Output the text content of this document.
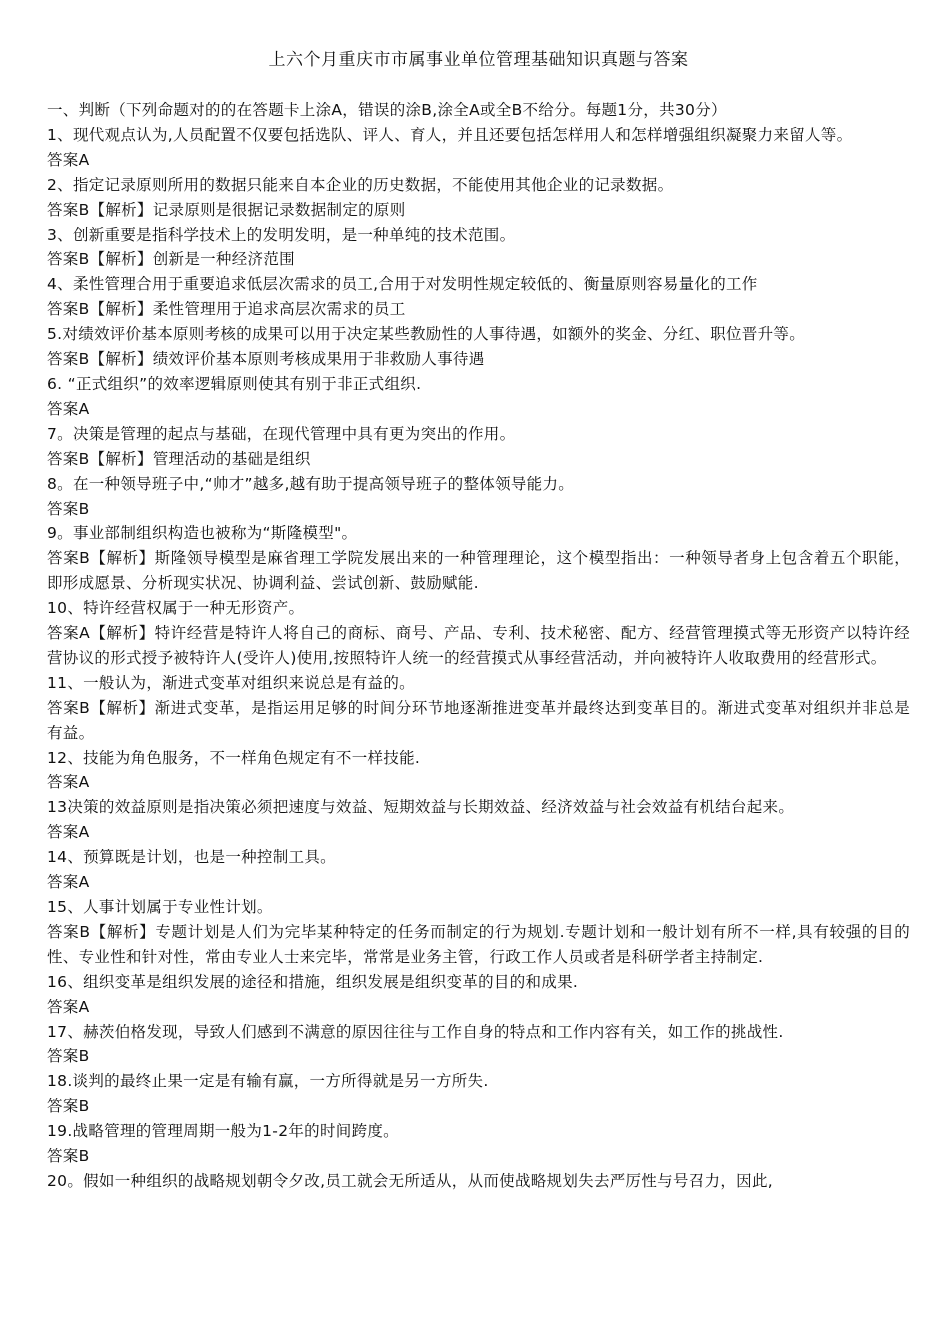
上六个月重庆市市属事业单位管理基础知识真题与答案

一、判断（下列命题对的的在答题卡上涂A，错误的涂B,涂全A或全B不给分。每题1分，共30分）

1、现代观点认为,人员配置不仅要包括选队、评人、育人，并且还要包括怎样用人和怎样增强组织凝聚力来留人等。

答案A

2、指定记录原则所用的数据只能来自本企业的历史数据，不能使用其他企业的记录数据。

答案B【解析】记录原则是很据记录数据制定的原则

3、创新重要是指科学技术上的发明发明，是一种单纯的技术范围。

答案B【解析】创新是一种经济范围

4、柔性管理合用于重要追求低层次需求的员工,合用于对发明性规定较低的、衡量原则容易量化的工作

答案B【解析】柔性管理用于追求高层次需求的员工

5.对绩效评价基本原则考核的成果可以用于决定某些教励性的人事待遇，如额外的奖金、分红、职位晋升等。

答案B【解析】绩效评价基本原则考核成果用于非救励人事待遇

6. “正式组织”的效率逻辑原则使其有别于非正式组织.

答案A

7。决策是管理的起点与基础，在现代管理中具有更为突出的作用。

答案B【解析】管理活动的基础是组织

8。在一种领导班子中,“帅才”越多,越有助于提高领导班子的整体领导能力。

答案B

9。事业部制组织构造也被称为“斯隆模型"。

答案B【解析】斯隆领导模型是麻省理工学院发展出来的一种管理理论，这个模型指出：一种领导者身上包含着五个职能，即形成愿景、分析现实状况、协调利益、尝试创新、鼓励赋能.

10、特许经营权属于一种无形资产。

答案A【解析】特许经营是特许人将自己的商标、商号、产品、专利、技术秘密、配方、经营管理摸式等无形资产以特许经营协议的形式授予被特许人(受许人)使用,按照特许人统一的经营摸式从事经营活动，并向被特许人收取费用的经营形式。

11、一般认为，渐进式变革对组织来说总是有益的。

答案B【解析】渐进式变革，是指运用足够的时间分环节地逐渐推进变革并最终达到变革目的。渐进式变革对组织并非总是有益。

12、技能为角色服务，不一样角色规定有不一样技能.

答案A

13决策的效益原则是指决策必须把速度与效益、短期效益与长期效益、经济效益与社会效益有机结台起来。

答案A

14、预算既是计划，也是一种控制工具。

答案A

15、人事计划属于专业性计划。

答案B【解析】专题计划是人们为完毕某种特定的任务而制定的行为规划.专题计划和一般计划有所不一样,具有较强的目的性、专业性和针对性，常由专业人士来完毕，常常是业务主管，行政工作人员或者是科研学者主持制定.

16、组织变革是组织发展的途径和措施，组织发展是组织变革的目的和成果.

答案A

17、赫茨伯格发现，导致人们感到不满意的原因往往与工作自身的特点和工作内容有关，如工作的挑战性.

答案B

18.谈判的最终止果一定是有输有赢，一方所得就是另一方所失.

答案B

19.战略管理的管理周期一般为1-2年的时间跨度。

答案B

20。假如一种组织的战略规划朝令夕改,员工就会无所适从，从而使战略规划失去严厉性与号召力，因此,
